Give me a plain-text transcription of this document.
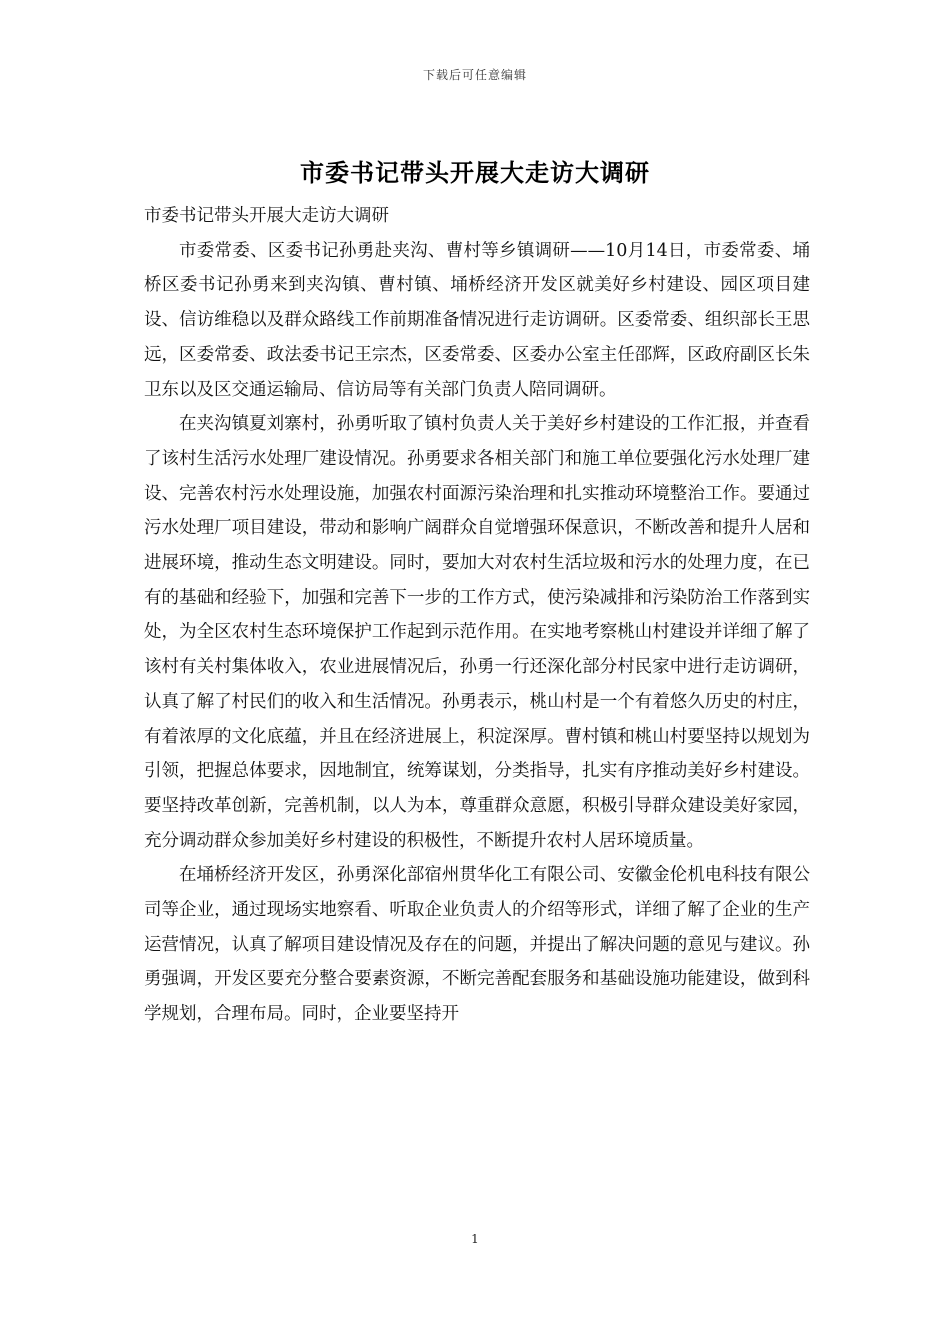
下载后可任意编辑
市委书记带头开展大走访大调研

市委书记带头开展大走访大调研

市委常委、区委书记孙勇赴夹沟、曹村等乡镇调研——10月14日，市委常委、埇桥区委书记孙勇来到夹沟镇、曹村镇、埇桥经济开发区就美好乡村建设、园区项目建设、信访维稳以及群众路线工作前期准备情况进行走访调研。区委常委、组织部长王思远，区委常委、政法委书记王宗杰，区委常委、区委办公室主任邵辉，区政府副区长朱卫东以及区交通运输局、信访局等有关部门负责人陪同调研。

在夹沟镇夏刘寨村，孙勇听取了镇村负责人关于美好乡村建设的工作汇报，并查看了该村生活污水处理厂建设情况。孙勇要求各相关部门和施工单位要强化污水处理厂建设、完善农村污水处理设施，加强农村面源污染治理和扎实推动环境整治工作。要通过污水处理厂项目建设，带动和影响广阔群众自觉增强环保意识，不断改善和提升人居和进展环境，推动生态文明建设。同时，要加大对农村生活垃圾和污水的处理力度，在已有的基础和经验下，加强和完善下一步的工作方式，使污染减排和污染防治工作落到实处，为全区农村生态环境保护工作起到示范作用。在实地考察桃山村建设并详细了解了该村有关村集体收入，农业进展情况后，孙勇一行还深化部分村民家中进行走访调研，认真了解了村民们的收入和生活情况。孙勇表示，桃山村是一个有着悠久历史的村庄，有着浓厚的文化底蕴，并且在经济进展上，积淀深厚。曹村镇和桃山村要坚持以规划为引领，把握总体要求，因地制宜，统筹谋划，分类指导，扎实有序推动美好乡村建设。要坚持改革创新，完善机制，以人为本，尊重群众意愿，积极引导群众建设美好家园，充分调动群众参加美好乡村建设的积极性，不断提升农村人居环境质量。

在埇桥经济开发区，孙勇深化部宿州贯华化工有限公司、安徽金伦机电科技有限公司等企业，通过现场实地察看、听取企业负责人的介绍等形式，详细了解了企业的生产运营情况，认真了解项目建设情况及存在的问题，并提出了解决问题的意见与建议。孙勇强调，开发区要充分整合要素资源，不断完善配套服务和基础设施功能建设，做到科学规划，合理布局。同时，企业要坚持开

1
